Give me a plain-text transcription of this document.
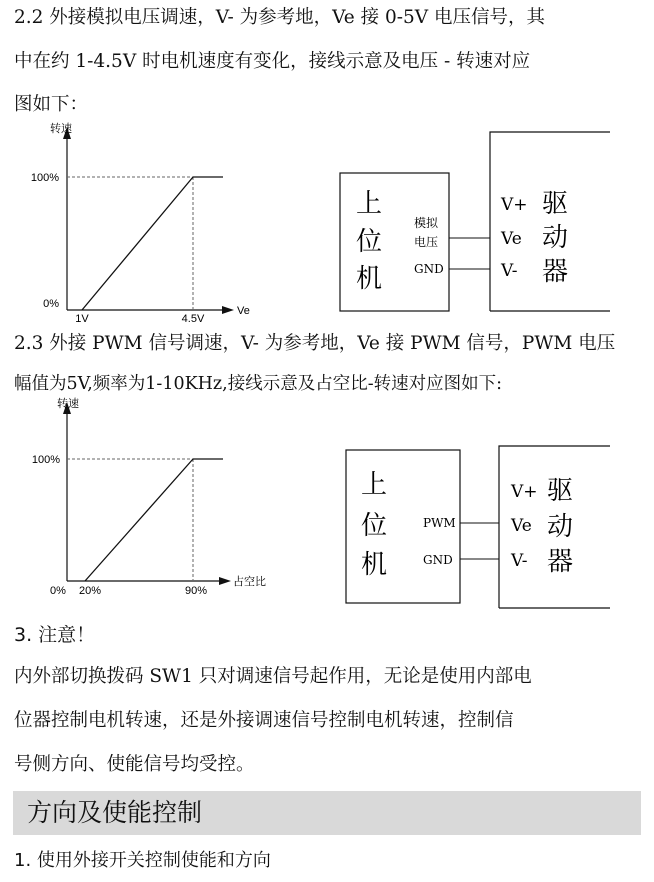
2.2 外接模拟电压调速，V- 为参考地，Ve 接 0-5V 电压信号，其
中在约 1-4.5V 时电机速度有变化，接线示意及电压 - 转速对应
图如下：
转速
100%
0%
1V	4.5V
Ve
上
位
机
模拟
电压
GND
V+
Ve
V-
驱
动
器
2.3 外接 PWM 信号调速，V- 为参考地，Ve 接 PWM 信号，PWM 电压
幅值为5V,频率为1-10KHz,接线示意及占空比-转速对应图如下:
转速
100%
0% 20%	90%
占空比
上
位
机
PWM
GND
V+
Ve
V-
驱
动
器
3. 注意！
内外部切换拨码 SW1 只对调速信号起作用，无论是使用内部电
位器控制电机转速，还是外接调速信号控制电机转速，控制信
号侧方向、使能信号均受控。
方向及使能控制
1. 使用外接开关控制使能和方向
